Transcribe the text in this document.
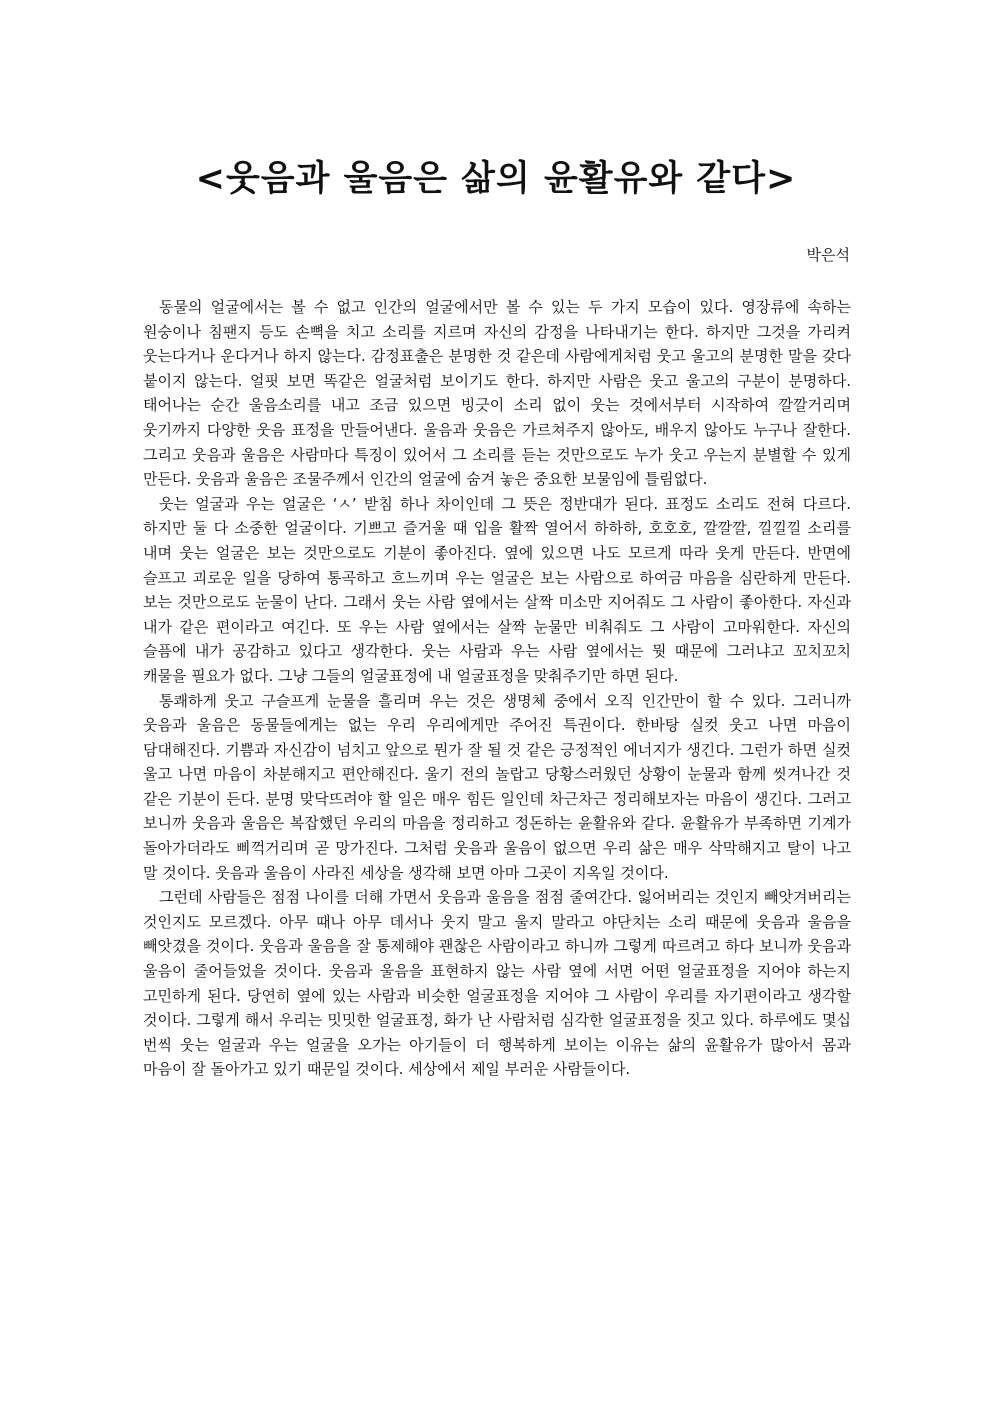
<웃음과 울음은 삶의 윤활유와 같다>
박은석

동물의 얼굴에서는 볼 수 없고 인간의 얼굴에서만 볼 수 있는 두 가지 모습이 있다. 영장류에 속하는 원숭이나 침팬지 등도 손뼉을 치고 소리를 지르며 자신의 감정을 나타내기는 한다. 하지만 그것을 가리켜 웃는다거나 운다거나 하지 않는다. 감정표출은 분명한 것 같은데 사람에게처럼 웃고 울고의 분명한 말을 갖다 붙이지 않는다. 얼핏 보면 똑같은 얼굴처럼 보이기도 한다. 하지만 사람은 웃고 울고의 구분이 분명하다. 태어나는 순간 울음소리를 내고 조금 있으면 빙긋이 소리 없이 웃는 것에서부터 시작하여 깔깔거리며 웃기까지 다양한 웃음 표정을 만들어낸다. 울음과 웃음은 가르쳐주지 않아도, 배우지 않아도 누구나 잘한다. 그리고 웃음과 울음은 사람마다 특징이 있어서 그 소리를 듣는 것만으로도 누가 웃고 우는지 분별할 수 있게 만든다. 웃음과 울음은 조물주께서 인간의 얼굴에 숨겨 놓은 중요한 보물임에 틀림없다.

웃는 얼굴과 우는 얼굴은 ‘ㅅ’ 받침 하나 차이인데 그 뜻은 정반대가 된다. 표정도 소리도 전혀 다르다. 하지만 둘 다 소중한 얼굴이다. 기쁘고 즐거울 때 입을 활짝 열어서 하하하, 호호호, 깔깔깔, 낄낄낄 소리를 내며 웃는 얼굴은 보는 것만으로도 기분이 좋아진다. 옆에 있으면 나도 모르게 따라 웃게 만든다. 반면에 슬프고 괴로운 일을 당하여 통곡하고 흐느끼며 우는 얼굴은 보는 사람으로 하여금 마음을 심란하게 만든다. 보는 것만으로도 눈물이 난다. 그래서 웃는 사람 옆에서는 살짝 미소만 지어줘도 그 사람이 좋아한다. 자신과 내가 같은 편이라고 여긴다. 또 우는 사람 옆에서는 살짝 눈물만 비춰줘도 그 사람이 고마워한다. 자신의 슬픔에 내가 공감하고 있다고 생각한다. 웃는 사람과 우는 사람 옆에서는 뭣 때문에 그러냐고 꼬치꼬치 캐물을 필요가 없다. 그냥 그들의 얼굴표정에 내 얼굴표정을 맞춰주기만 하면 된다.

통쾌하게 웃고 구슬프게 눈물을 흘리며 우는 것은 생명체 중에서 오직 인간만이 할 수 있다. 그러니까 웃음과 울음은 동물들에게는 없는 우리 우리에게만 주어진 특권이다. 한바탕 실컷 웃고 나면 마음이 담대해진다. 기쁨과 자신감이 넘치고 앞으로 뭔가 잘 될 것 같은 긍정적인 에너지가 생긴다. 그런가 하면 실컷 울고 나면 마음이 차분해지고 편안해진다. 울기 전의 놀랍고 당황스러웠던 상황이 눈물과 함께 씻겨나간 것 같은 기분이 든다. 분명 맞닥뜨려야 할 일은 매우 힘든 일인데 차근차근 정리해보자는 마음이 생긴다. 그러고 보니까 웃음과 울음은 복잡했던 우리의 마음을 정리하고 정돈하는 윤활유와 같다. 윤활유가 부족하면 기계가 돌아가더라도 삐꺽거리며 곧 망가진다. 그처럼 웃음과 울음이 없으면 우리 삶은 매우 삭막해지고 탈이 나고 말 것이다. 웃음과 울음이 사라진 세상을 생각해 보면 아마 그곳이 지옥일 것이다.

그런데 사람들은 점점 나이를 더해 가면서 웃음과 울음을 점점 줄여간다. 잃어버리는 것인지 빼앗겨버리는 것인지도 모르겠다. 아무 때나 아무 데서나 웃지 말고 울지 말라고 야단치는 소리 때문에 웃음과 울음을 빼앗겼을 것이다. 웃음과 울음을 잘 통제해야 괜찮은 사람이라고 하니까 그렇게 따르려고 하다 보니까 웃음과 울음이 줄어들었을 것이다. 웃음과 울음을 표현하지 않는 사람 옆에 서면 어떤 얼굴표정을 지어야 하는지 고민하게 된다. 당연히 옆에 있는 사람과 비슷한 얼굴표정을 지어야 그 사람이 우리를 자기편이라고 생각할 것이다. 그렇게 해서 우리는 밋밋한 얼굴표정, 화가 난 사람처럼 심각한 얼굴표정을 짓고 있다. 하루에도 몇십 번씩 웃는 얼굴과 우는 얼굴을 오가는 아기들이 더 행복하게 보이는 이유는 삶의 윤활유가 많아서 몸과 마음이 잘 돌아가고 있기 때문일 것이다. 세상에서 제일 부러운 사람들이다.
